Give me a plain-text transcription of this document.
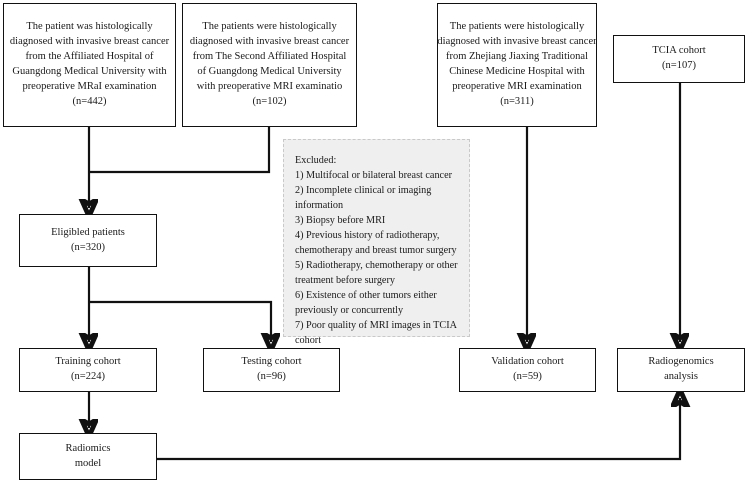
The patient was histologically
diagnosed with invasive breast cancer
from the Affiliated Hospital of
Guangdong Medical University with
preoperative MRaI examination
(n=442)
The patients were histologically
diagnosed with invasive breast cancer
from The Second Affiliated Hospital
of Guangdong Medical University
with preoperative MRI examinatio
(n=102)
The patients were histologically
diagnosed with invasive breast cancer
from Zhejiang Jiaxing Traditional
Chinese Medicine Hospital with
preoperative MRI examination
(n=311)
TCIA cohort
(n=107)
Excluded:
1) Multifocal or bilateral breast cancer
2) Incomplete clinical or imaging
information
3) Biopsy before MRI
4) Previous history of radiotherapy,
chemotherapy and breast tumor surgery
5) Radiotherapy, chemotherapy or other
treatment before surgery
6) Existence of other tumors either
previously or concurrently
7) Poor quality of MRI images in TCIA
cohort
Eligibled patients
(n=320)
Training cohort
(n=224)
Testing cohort
(n=96)
Validation cohort
(n=59)
Radiogenomics
analysis
Radiomics
model
